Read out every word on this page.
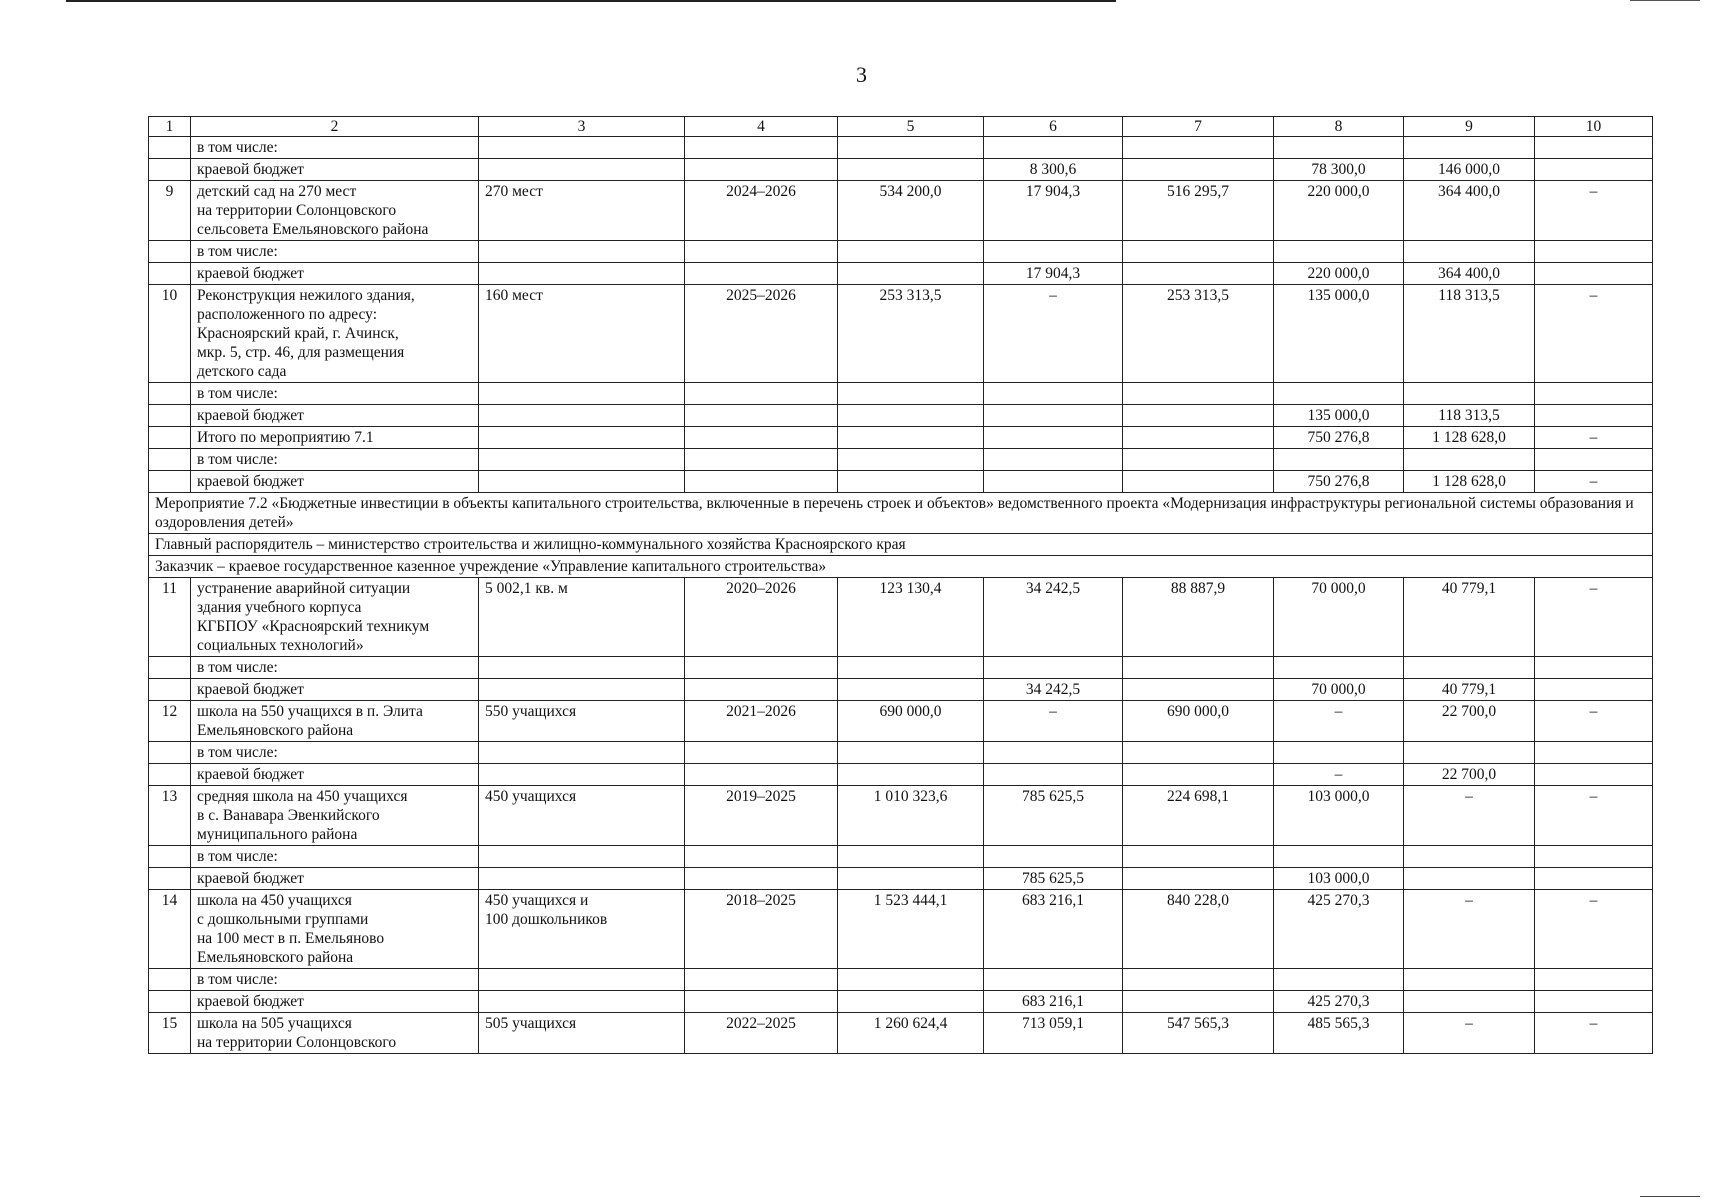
3
1	2	3	4	5	6	7	8	9	10
	в том числе:								
	краевой бюджет				8 300,6		78 300,0	146 000,0	
9	детский сад на 270 мест
на территории Солонцовского
сельсовета Емельяновского района	270 мест	2024–2026	534 200,0	17 904,3	516 295,7	220 000,0	364 400,0	–
	в том числе:								
	краевой бюджет				17 904,3		220 000,0	364 400,0	
10	Реконструкция нежилого здания,
расположенного по адресу:
Красноярский край, г. Ачинск,
мкр. 5, стр. 46, для размещения
детского сада	160 мест	2025–2026	253 313,5	–	253 313,5	135 000,0	118 313,5	–
	в том числе:								
	краевой бюджет						135 000,0	118 313,5	
	Итого по мероприятию 7.1						750 276,8	1 128 628,0	–
	в том числе:								
	краевой бюджет						750 276,8	1 128 628,0	–
Мероприятие 7.2 «Бюджетные инвестиции в объекты капитального строительства, включенные в перечень строек и объектов» ведомственного проекта «Модернизация инфраструктуры региональной системы образования и оздоровления детей»									
Главный распорядитель – министерство строительства и жилищно-коммунального хозяйства Красноярского края									
Заказчик – краевое государственное казенное учреждение «Управление капитального строительства»									
11	устранение аварийной ситуации
здания учебного корпуса
КГБПОУ «Красноярский техникум
социальных технологий»	5 002,1 кв. м	2020–2026	123 130,4	34 242,5	88 887,9	70 000,0	40 779,1	–
	в том числе:								
	краевой бюджет				34 242,5		70 000,0	40 779,1	
12	школа на 550 учащихся в п. Элита
Емельяновского района	550 учащихся	2021–2026	690 000,0	–	690 000,0	–	22 700,0	–
	в том числе:								
	краевой бюджет						–	22 700,0	
13	средняя школа на 450 учащихся
в с. Ванавара Эвенкийского
муниципального района	450 учащихся	2019–2025	1 010 323,6	785 625,5	224 698,1	103 000,0	–	–
	в том числе:								
	краевой бюджет				785 625,5		103 000,0		
14	школа на 450 учащихся
с дошкольными группами
на 100 мест в п. Емельяново
Емельяновского района	450 учащихся и
100 дошкольников	2018–2025	1 523 444,1	683 216,1	840 228,0	425 270,3	–	–
	в том числе:								
	краевой бюджет				683 216,1		425 270,3		
15	школа на 505 учащихся
на территории Солонцовского	505 учащихся	2022–2025	1 260 624,4	713 059,1	547 565,3	485 565,3	–	–
